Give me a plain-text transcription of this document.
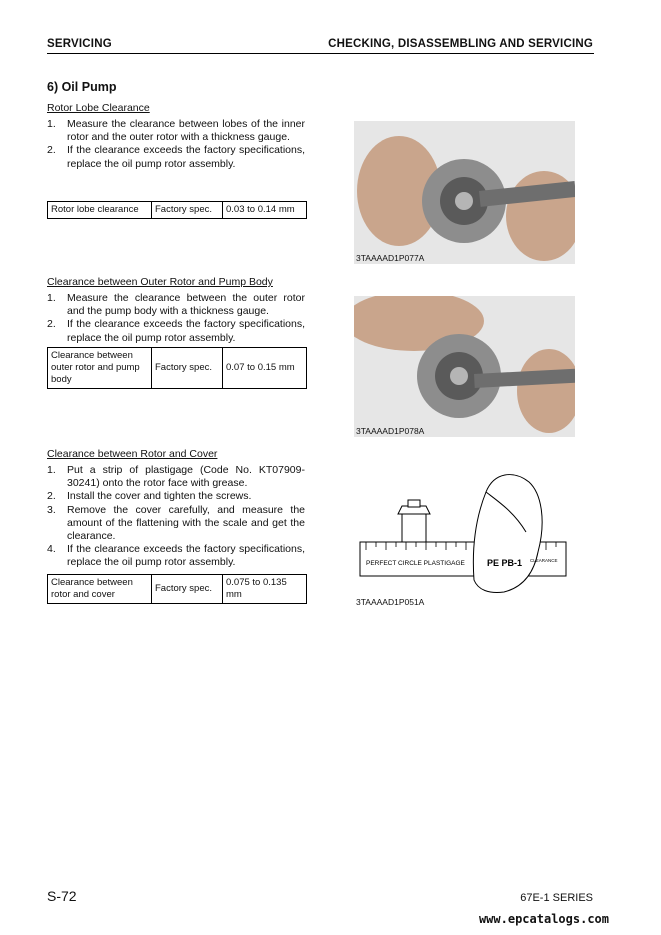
SERVICING	CHECKING, DISASSEMBLING AND SERVICING
6) Oil Pump
Rotor Lobe Clearance
1. Measure the clearance between lobes of the inner rotor and the outer rotor with a thickness gauge.
2. If the clearance exceeds the factory specifications, replace the oil pump rotor assembly.
Rotor lobe clearance	Factory spec.	0.03 to 0.14 mm
3TAAAAD1P077A
Clearance between Outer Rotor and Pump Body
1. Measure the clearance between the outer rotor and the pump body with a thickness gauge.
2. If the clearance exceeds the factory specifications, replace the oil pump rotor assembly.
Clearance between outer rotor and pump body	Factory spec.	0.07 to 0.15 mm
3TAAAAD1P078A
Clearance between Rotor and Cover
1. Put a strip of plastigage (Code No. KT07909-30241) onto the rotor face with grease.
2. Install the cover and tighten the screws.
3. Remove the cover carefully, and measure the amount of the flattening with the scale and get the clearance.
4. If the clearance exceeds the factory specifications, replace the oil pump rotor assembly.
Clearance between rotor and cover	Factory spec.	0.075 to 0.135 mm
PERFECT CIRCLE PLASTIGAGE PE PB-1 CLEARANCE
3TAAAAD1P051A
S-72	67E-1 SERIES
www.epcatalogs.com
